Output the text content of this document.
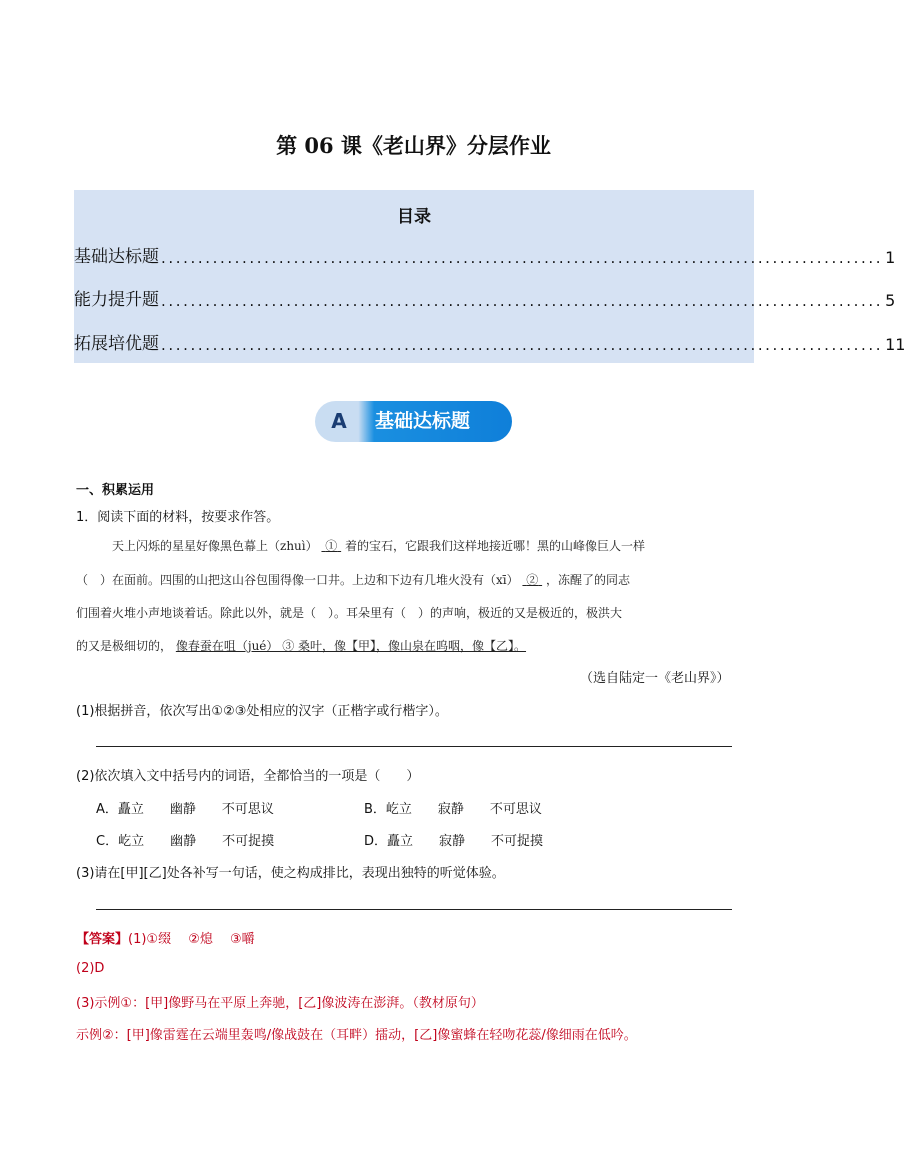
第 06 课《老山界》分层作业
目录
基础达标题 .................................................................................................. 1
能力提升题 .................................................................................................. 5
拓展培优题 .................................................................................................. 11
A	基础达标题
一、积累运用
1．阅读下面的材料，按要求作答。
天上闪烁的星星好像黑色幕上（zhuì） ① 着的宝石，它跟我们这样地接近哪！黑的山峰像巨人一样
（　）在面前。四围的山把这山谷包围得像一口井。上边和下边有几堆火没有（xī） ② ，冻醒了的同志
们围着火堆小声地谈着话。除此以外，就是（　）。耳朵里有（　）的声响，极近的又是极近的，极洪大
的又是极细切的， 像春蚕在咀（jué） ③ 桑叶，像【甲】，像山泉在呜咽，像【乙】。
（选自陆定一《老山界》）
(1)根据拼音，依次写出①②③处相应的汉字（正楷字或行楷字）。
(2)依次填入文中括号内的词语，全都恰当的一项是（　　）
A．矗立　　幽静　　不可思议	B．屹立　　寂静　　不可思议
C．屹立　　幽静　　不可捉摸	D．矗立　　寂静　　不可捉摸
(3)请在[甲][乙]处各补写一句话，使之构成排比，表现出独特的听觉体验。
【答案】(1)①缀　 ②熄　 ③嚼
(2)D
(3)示例①：[甲]像野马在平原上奔驰，[乙]像波涛在澎湃。（教材原句）
示例②：[甲]像雷霆在云端里轰鸣/像战鼓在（耳畔）擂动，[乙]像蜜蜂在轻吻花蕊/像细雨在低吟。
